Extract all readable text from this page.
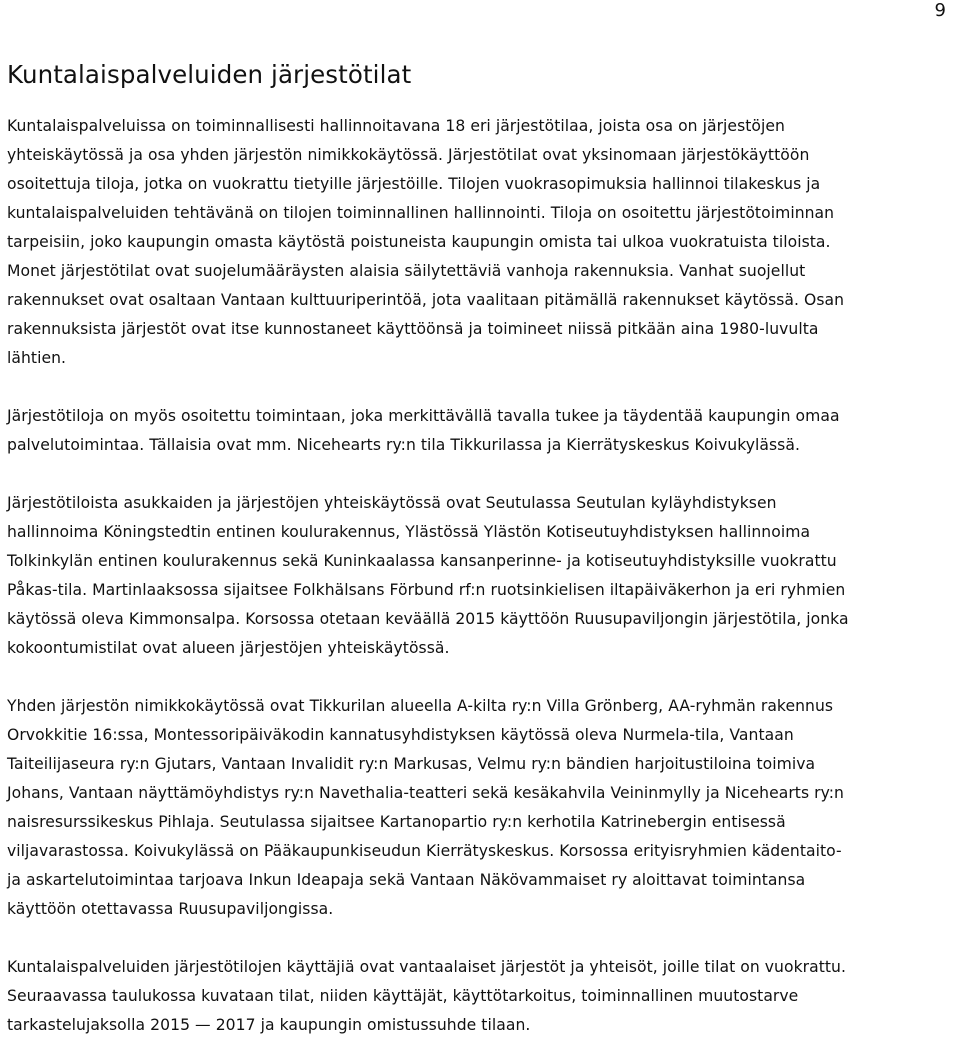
9
Kuntalaispalveluiden järjestötilat

Kuntalaispalveluissa on toiminnallisesti hallinnoitavana 18 eri järjestötilaa, joista osa on järjestöjen
yhteiskäytössä ja osa yhden järjestön nimikkokäytössä. Järjestötilat ovat yksinomaan järjestökäyttöön
osoitettuja tiloja, jotka on vuokrattu tietyille järjestöille. Tilojen vuokrasopimuksia hallinnoi tilakeskus ja
kuntalaispalveluiden tehtävänä on tilojen toiminnallinen hallinnointi. Tiloja on osoitettu järjestötoiminnan
tarpeisiin, joko kaupungin omasta käytöstä poistuneista kaupungin omista tai ulkoa vuokratuista tiloista.
Monet järjestötilat ovat suojelumääräysten alaisia säilytettäviä vanhoja rakennuksia. Vanhat suojellut
rakennukset ovat osaltaan Vantaan kulttuuriperintöä, jota vaalitaan pitämällä rakennukset käytössä. Osan
rakennuksista järjestöt ovat itse kunnostaneet käyttöönsä ja toimineet niissä pitkään aina 1980-luvulta
lähtien.

Järjestötiloja on myös osoitettu toimintaan, joka merkittävällä tavalla tukee ja täydentää kaupungin omaa
palvelutoimintaa. Tällaisia ovat mm. Nicehearts ry:n tila Tikkurilassa ja Kierrätyskeskus Koivukylässä.

Järjestötiloista asukkaiden ja järjestöjen yhteiskäytössä ovat Seutulassa Seutulan kyläyhdistyksen
hallinnoima Köningstedtin entinen koulurakennus, Ylästössä Ylästön Kotiseutuyhdistyksen hallinnoima
Tolkinkylän entinen koulurakennus sekä Kuninkaalassa kansanperinne- ja kotiseutuyhdistyksille vuokrattu
Påkas-tila. Martinlaaksossa sijaitsee Folkhälsans Förbund rf:n ruotsinkielisen iltapäiväkerhon ja eri ryhmien
käytössä oleva Kimmonsalpa. Korsossa otetaan keväällä 2015 käyttöön Ruusupaviljongin järjestötila, jonka
kokoontumistilat ovat alueen järjestöjen yhteiskäytössä.

Yhden järjestön nimikkokäytössä ovat Tikkurilan alueella A-kilta ry:n Villa Grönberg, AA-ryhmän rakennus
Orvokkitie 16:ssa, Montessoripäiväkodin kannatusyhdistyksen käytössä oleva Nurmela-tila, Vantaan
Taiteilijaseura ry:n Gjutars, Vantaan Invalidit ry:n Markusas, Velmu ry:n bändien harjoitustiloina toimiva
Johans, Vantaan näyttämöyhdistys ry:n Navethalia-teatteri sekä kesäkahvila Veininmylly ja Nicehearts ry:n
naisresurssikeskus Pihlaja. Seutulassa sijaitsee Kartanopartio ry:n kerhotila Katrinebergin entisessä
viljavarastossa. Koivukylässä on Pääkaupunkiseudun Kierrätyskeskus. Korsossa erityisryhmien kädentaito-
ja askartelutoimintaa tarjoava Inkun Ideapaja sekä Vantaan Näkövammaiset ry aloittavat toimintansa
käyttöön otettavassa Ruusupaviljongissa.

Kuntalaispalveluiden järjestötilojen käyttäjiä ovat vantaalaiset järjestöt ja yhteisöt, joille tilat on vuokrattu.
Seuraavassa taulukossa kuvataan tilat, niiden käyttäjät, käyttötarkoitus, toiminnallinen muutostarve
tarkastelujaksolla 2015 — 2017 ja kaupungin omistussuhde tilaan.
